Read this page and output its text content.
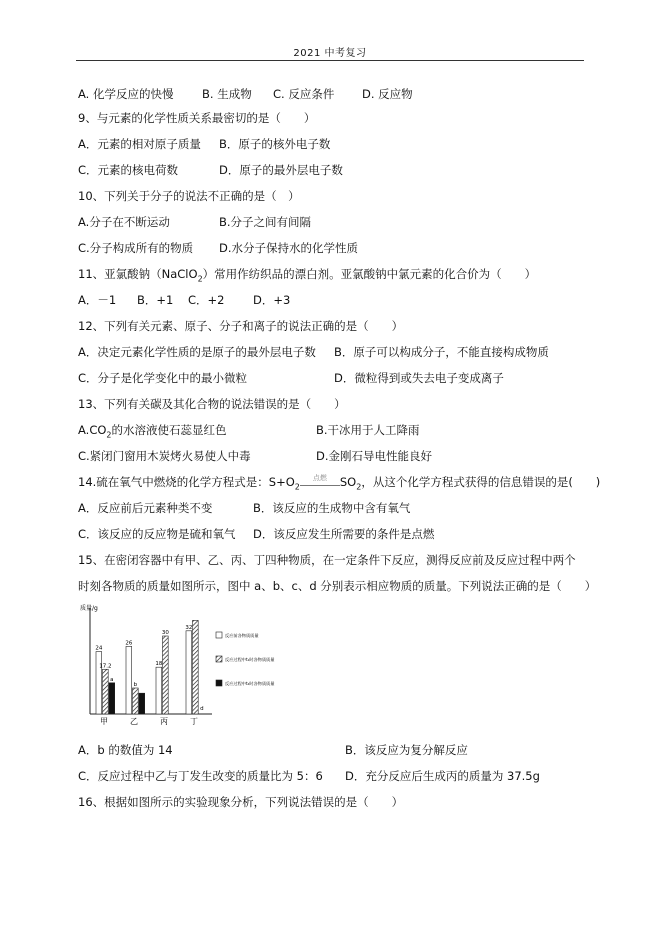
2021 中考复习
A. 化学反应的快慢 B. 生成物 C. 反应条件 D. 反应物
9、与元素的化学性质关系最密切的是（　　）
A．元素的相对原子质量 B．原子的核外电子数
C．元素的核电荷数	D．原子的最外层电子数
10、下列关于分子的说法不正确的是（　）
A.分子在不断运动	B.分子之间有间隔
C.分子构成所有的物质 D.水分子保持水的化学性质
11、亚氯酸钠（NaClO$_2$）常用作纺织品的漂白剂。亚氯酸钠中氯元素的化合价为（　　）
A．－1 B．+1 C．+2 D．+3
12、下列有关元素、原子、分子和离子的说法正确的是（　　）
A．决定元素化学性质的是原子的最外层电子数 B．原子可以构成分子，不能直接构成物质
C．分子是化学变化中的最小微粒	D．微粒得到或失去电子变成离子
13、下列有关碳及其化合物的说法错误的是（　　）
$A.CO_2$的水溶液使石蕊显红色	B.干冰用于人工降雨
C.紧闭门窗用木炭烤火易使人中毒	D.金刚石导电性能良好
14.硫在氧气中燃烧的化学方程式是：$S+O_2$
点燃	$SO_2$，从这个化学方程式获得的信息错误的是(　　)
A．反应前后元素种类不变	B．该反应的生成物中含有氧气
C．该反应的反应物是硫和氧气 D．该反应发生所需要的条件是点燃
15、在密闭容器中有甲、乙、丙、丁四种物质，在一定条件下反应，测得反应前及反应过程中两个
时刻各物质的质量如图所示，图中 a、b、c、d 分别表示相应物质的质量。下列说法正确的是（　　）
质量/g
甲
24
17.2
a
乙
26
b
丙
18
30
丁
32
d
反应前各物质质量
反应过程中t₁时各物质质量
反应过程中t₂时各物质质量
A．b 的数值为 14	B．该反应为复分解反应
C．反应过程中乙与丁发生改变的质量比为 5：6 D．充分反应后生成丙的质量为 37.5g
16、根据如图所示的实验现象分析，下列说法错误的是（　　）
